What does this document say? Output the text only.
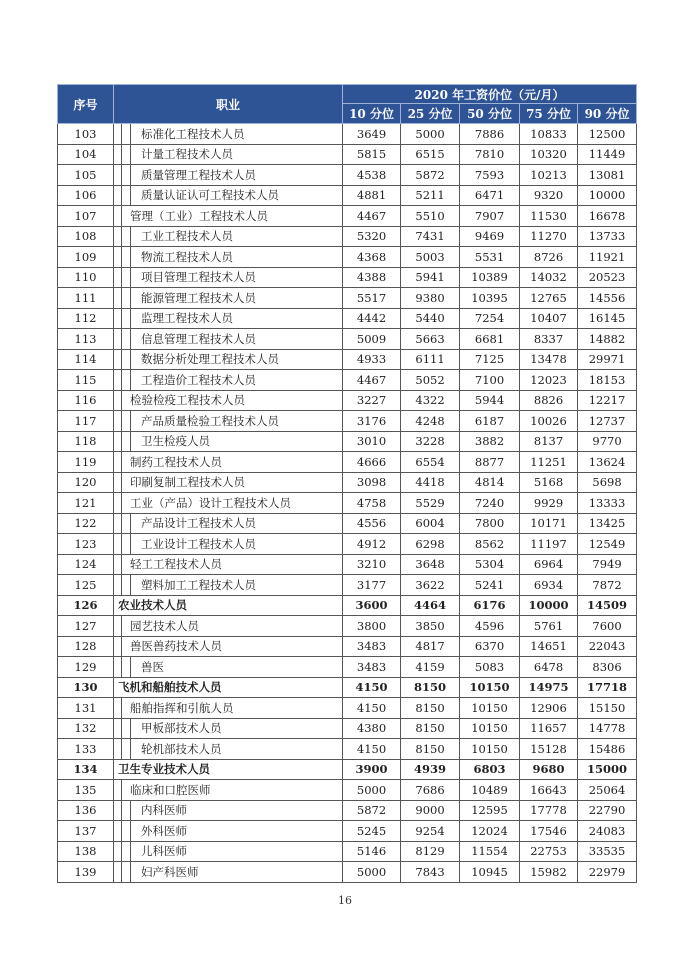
序号	职业			2020 年工资价位（元/月）				
				10 分位	25 分位	50 分位	75 分位	90 分位
103			标准化工程技术人员	3649	5000	7886	10833	12500
104			计量工程技术人员	5815	6515	7810	10320	11449
105			质量管理工程技术人员	4538	5872	7593	10213	13081
106			质量认证认可工程技术人员	4881	5211	6471	9320	10000
107		管理（工业）工程技术人员		4467	5510	7907	11530	16678
108			工业工程技术人员	5320	7431	9469	11270	13733
109			物流工程技术人员	4368	5003	5531	8726	11921
110			项目管理工程技术人员	4388	5941	10389	14032	20523
111			能源管理工程技术人员	5517	9380	10395	12765	14556
112			监理工程技术人员	4442	5440	7254	10407	16145
113			信息管理工程技术人员	5009	5663	6681	8337	14882
114			数据分析处理工程技术人员	4933	6111	7125	13478	29971
115			工程造价工程技术人员	4467	5052	7100	12023	18153
116		检验检疫工程技术人员		3227	4322	5944	8826	12217
117			产品质量检验工程技术人员	3176	4248	6187	10026	12737
118			卫生检疫人员	3010	3228	3882	8137	9770
119		制药工程技术人员		4666	6554	8877	11251	13624
120		印刷复制工程技术人员		3098	4418	4814	5168	5698
121		工业（产品）设计工程技术人员		4758	5529	7240	9929	13333
122			产品设计工程技术人员	4556	6004	7800	10171	13425
123			工业设计工程技术人员	4912	6298	8562	11197	12549
124		轻工工程技术人员		3210	3648	5304	6964	7949
125			塑料加工工程技术人员	3177	3622	5241	6934	7872
126	农业技术人员			3600	4464	6176	10000	14509
127		园艺技术人员		3800	3850	4596	5761	7600
128		兽医兽药技术人员		3483	4817	6370	14651	22043
129			兽医	3483	4159	5083	6478	8306
130	飞机和船舶技术人员			4150	8150	10150	14975	17718
131		船舶指挥和引航人员		4150	8150	10150	12906	15150
132			甲板部技术人员	4380	8150	10150	11657	14778
133			轮机部技术人员	4150	8150	10150	15128	15486
134	卫生专业技术人员			3900	4939	6803	9680	15000
135		临床和口腔医师		5000	7686	10489	16643	25064
136			内科医师	5872	9000	12595	17778	22790
137			外科医师	5245	9254	12024	17546	24083
138			儿科医师	5146	8129	11554	22753	33535
139			妇产科医师	5000	7843	10945	15982	22979
16
